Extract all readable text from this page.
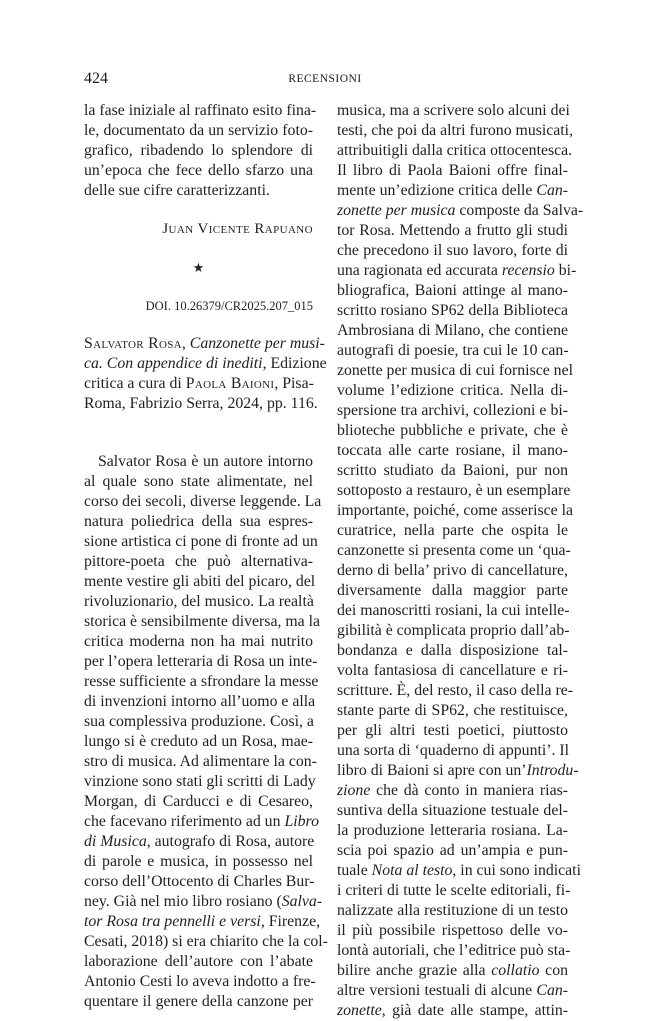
424	RECENSIONI
la fase iniziale al raffinato esito fina-
le, documentato da un servizio foto-
grafico, ribadendo lo splendore di
un’epoca che fece dello sfarzo una
delle sue cifre caratterizzanti.
Juan Vicente Rapuano
★
DOI. 10.26379/CR2025.207_015
Salvator Rosa, Canzonette per musi-
ca. Con appendice di inediti, Edizione
critica a cura di Paola Baioni, Pisa-
Roma, Fabrizio Serra, 2024, pp. 116.
Salvator Rosa è un autore intorno
al quale sono state alimentate, nel
corso dei secoli, diverse leggende. La
natura poliedrica della sua espres-
sione artistica ci pone di fronte ad un
pittore-poeta che può alternativa-
mente vestire gli abiti del picaro, del
rivoluzionario, del musico. La realtà
storica è sensibilmente diversa, ma la
critica moderna non ha mai nutrito
per l’opera letteraria di Rosa un inte-
resse sufficiente a sfrondare la messe
di invenzioni intorno all’uomo e alla
sua complessiva produzione. Così, a
lungo si è creduto ad un Rosa, mae-
stro di musica. Ad alimentare la con-
vinzione sono stati gli scritti di Lady
Morgan, di Carducci e di Cesareo,
che facevano riferimento ad un Libro
di Musica, autografo di Rosa, autore
di parole e musica, in possesso nel
corso dell’Ottocento di Charles Bur-
ney. Già nel mio libro rosiano (Salva-
tor Rosa tra pennelli e versi, Firenze,
Cesati, 2018) si era chiarito che la col-
laborazione dell’autore con l’abate
Antonio Cesti lo aveva indotto a fre-
quentare il genere della canzone per
musica, ma a scrivere solo alcuni dei
testi, che poi da altri furono musicati,
attribuitigli dalla critica ottocentesca.
Il libro di Paola Baioni offre final-
mente un’edizione critica delle Can-
zonette per musica composte da Salva-
tor Rosa. Mettendo a frutto gli studi
che precedono il suo lavoro, forte di
una ragionata ed accurata recensio bi-
bliografica, Baioni attinge al mano-
scritto rosiano SP62 della Biblioteca
Ambrosiana di Milano, che contiene
autografi di poesie, tra cui le 10 can-
zonette per musica di cui fornisce nel
volume l’edizione critica. Nella di-
spersione tra archivi, collezioni e bi-
blioteche pubbliche e private, che è
toccata alle carte rosiane, il mano-
scritto studiato da Baioni, pur non
sottoposto a restauro, è un esemplare
importante, poiché, come asserisce la
curatrice, nella parte che ospita le
canzonette si presenta come un ‘qua-
derno di bella’ privo di cancellature,
diversamente dalla maggior parte
dei manoscritti rosiani, la cui intelle-
gibilità è complicata proprio dall’ab-
bondanza e dalla disposizione tal-
volta fantasiosa di cancellature e ri-
scritture. È, del resto, il caso della re-
stante parte di SP62, che restituisce,
per gli altri testi poetici, piuttosto
una sorta di ‘quaderno di appunti’. Il
libro di Baioni si apre con un’Introdu-
zione che dà conto in maniera rias-
suntiva della situazione testuale del-
la produzione letteraria rosiana. La-
scia poi spazio ad un’ampia e pun-
tuale Nota al testo, in cui sono indicati
i criteri di tutte le scelte editoriali, fi-
nalizzate alla restituzione di un testo
il più possibile rispettoso delle vo-
lontà autoriali, che l’editrice può sta-
bilire anche grazie alla collatio con
altre versioni testuali di alcune Can-
zonette, già date alle stampe, attin-
